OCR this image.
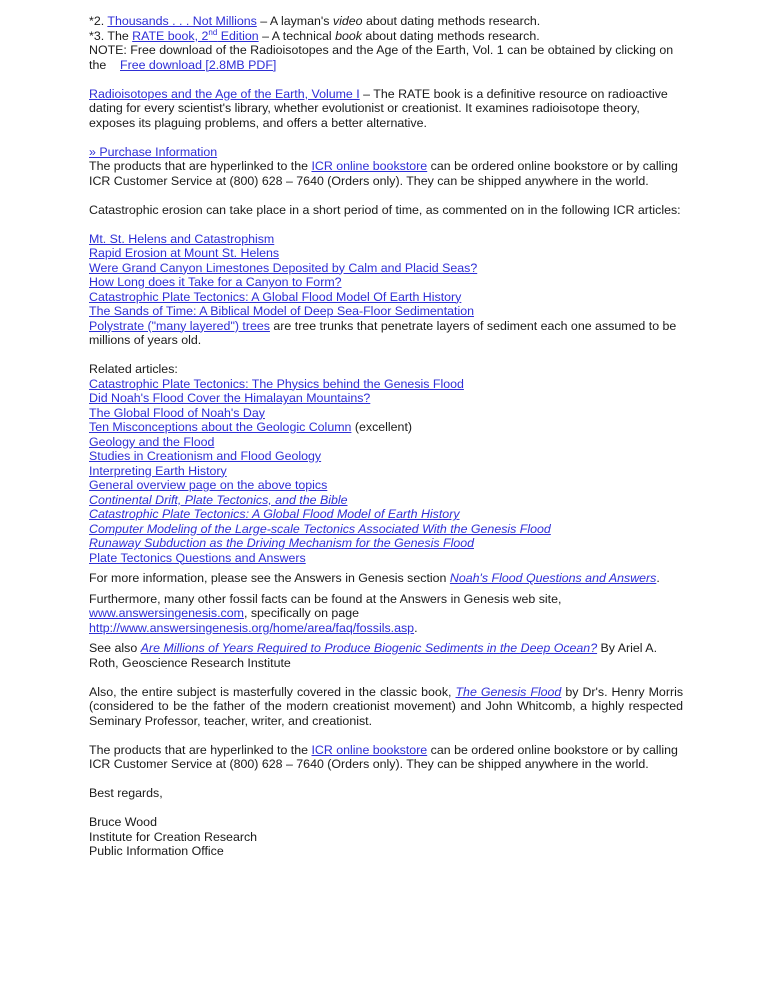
*2. Thousands . . . Not Millions – A layman's video about dating methods research.

*3. The RATE book, 2nd Edition – A technical book about dating methods research.

NOTE: Free download of the Radioisotopes and the Age of the Earth, Vol. 1 can be obtained by clicking on the    Free download [2.8MB PDF]

Radioisotopes and the Age of the Earth, Volume I – The RATE book is a definitive resource on radioactive dating for every scientist's library, whether evolutionist or creationist. It examines radioisotope theory, exposes its plaguing problems, and offers a better alternative.

» Purchase Information

The products that are hyperlinked to the ICR online bookstore can be ordered online bookstore or by calling ICR Customer Service at (800) 628 – 7640 (Orders only). They can be shipped anywhere in the world.

Catastrophic erosion can take place in a short period of time, as commented on in the following ICR articles:

Mt. St. Helens and Catastrophism

Rapid Erosion at Mount St. Helens

Were Grand Canyon Limestones Deposited by Calm and Placid Seas?

How Long does it Take for a Canyon to Form?

Catastrophic Plate Tectonics: A Global Flood Model Of Earth History

The Sands of Time: A Biblical Model of Deep Sea-Floor Sedimentation

Polystrate ("many layered") trees are tree trunks that penetrate layers of sediment each one assumed to be millions of years old.

Related articles:

Catastrophic Plate Tectonics: The Physics behind the Genesis Flood

Did Noah's Flood Cover the Himalayan Mountains?

The Global Flood of Noah's Day

Ten Misconceptions about the Geologic Column (excellent)

Geology and the Flood

Studies in Creationism and Flood Geology

Interpreting Earth History

General overview page on the above topics

Continental Drift, Plate Tectonics, and the Bible

Catastrophic Plate Tectonics: A Global Flood Model of Earth History

Computer Modeling of the Large-scale Tectonics Associated With the Genesis Flood

Runaway Subduction as the Driving Mechanism for the Genesis Flood

Plate Tectonics Questions and Answers

For more information, please see the Answers in Genesis section Noah's Flood Questions and Answers.

Furthermore, many other fossil facts can be found at the Answers in Genesis web site,
www.answersingenesis.com, specifically on page
http://www.answersingenesis.org/home/area/faq/fossils.asp.

See also Are Millions of Years Required to Produce Biogenic Sediments in the Deep Ocean? By Ariel A. Roth, Geoscience Research Institute

Also, the entire subject is masterfully covered in the classic book, The Genesis Flood by Dr's. Henry Morris (considered to be the father of the modern creationist movement) and John Whitcomb, a highly respected Seminary Professor, teacher, writer, and creationist.

The products that are hyperlinked to the ICR online bookstore can be ordered online bookstore or by calling ICR Customer Service at (800) 628 – 7640 (Orders only). They can be shipped anywhere in the world.

Best regards,

Bruce Wood

Institute for Creation Research

Public Information Office
